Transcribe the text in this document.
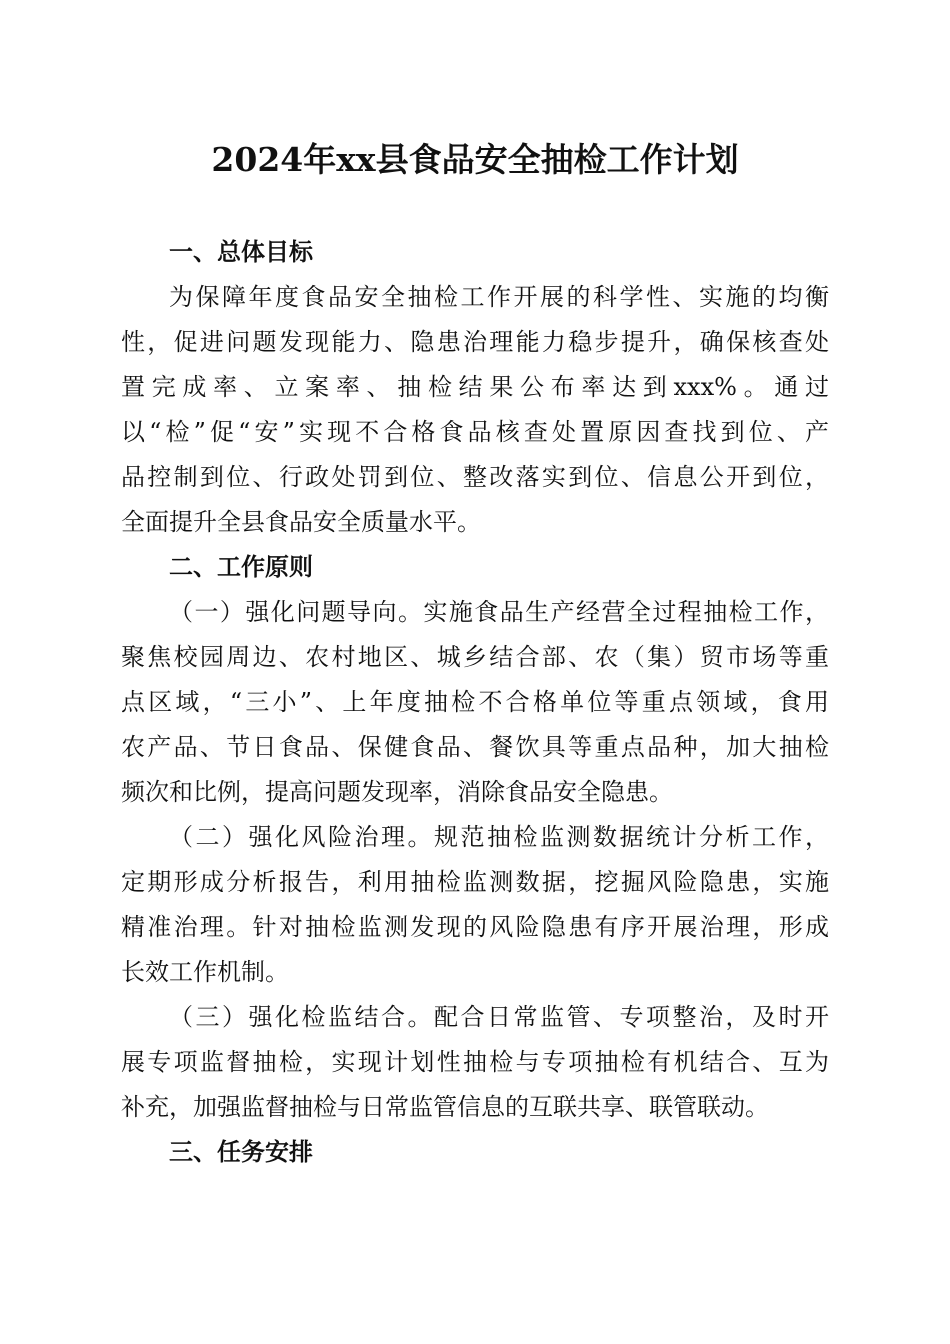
2024年xx县食品安全抽检工作计划
一、总体目标

为保障年度食品安全抽检工作开展的科学性、实施的均衡
性，促进问题发现能力、隐患治理能力稳步提升，确保核查处
置完成率、立案率、抽检结果公布率达到xxx%。通过
以“检”促“安”实现不合格食品核查处置原因查找到位、产
品控制到位、行政处罚到位、整改落实到位、信息公开到位，
全面提升全县食品安全质量水平。

二、工作原则

（一）强化问题导向。实施食品生产经营全过程抽检工作，
聚焦校园周边、农村地区、城乡结合部、农（集）贸市场等重
点区域，“三小”、上年度抽检不合格单位等重点领域，食用
农产品、节日食品、保健食品、餐饮具等重点品种，加大抽检
频次和比例，提高问题发现率，消除食品安全隐患。

（二）强化风险治理。规范抽检监测数据统计分析工作，
定期形成分析报告，利用抽检监测数据，挖掘风险隐患，实施
精准治理。针对抽检监测发现的风险隐患有序开展治理，形成
长效工作机制。

（三）强化检监结合。配合日常监管、专项整治，及时开
展专项监督抽检，实现计划性抽检与专项抽检有机结合、互为
补充，加强监督抽检与日常监管信息的互联共享、联管联动。

三、任务安排
